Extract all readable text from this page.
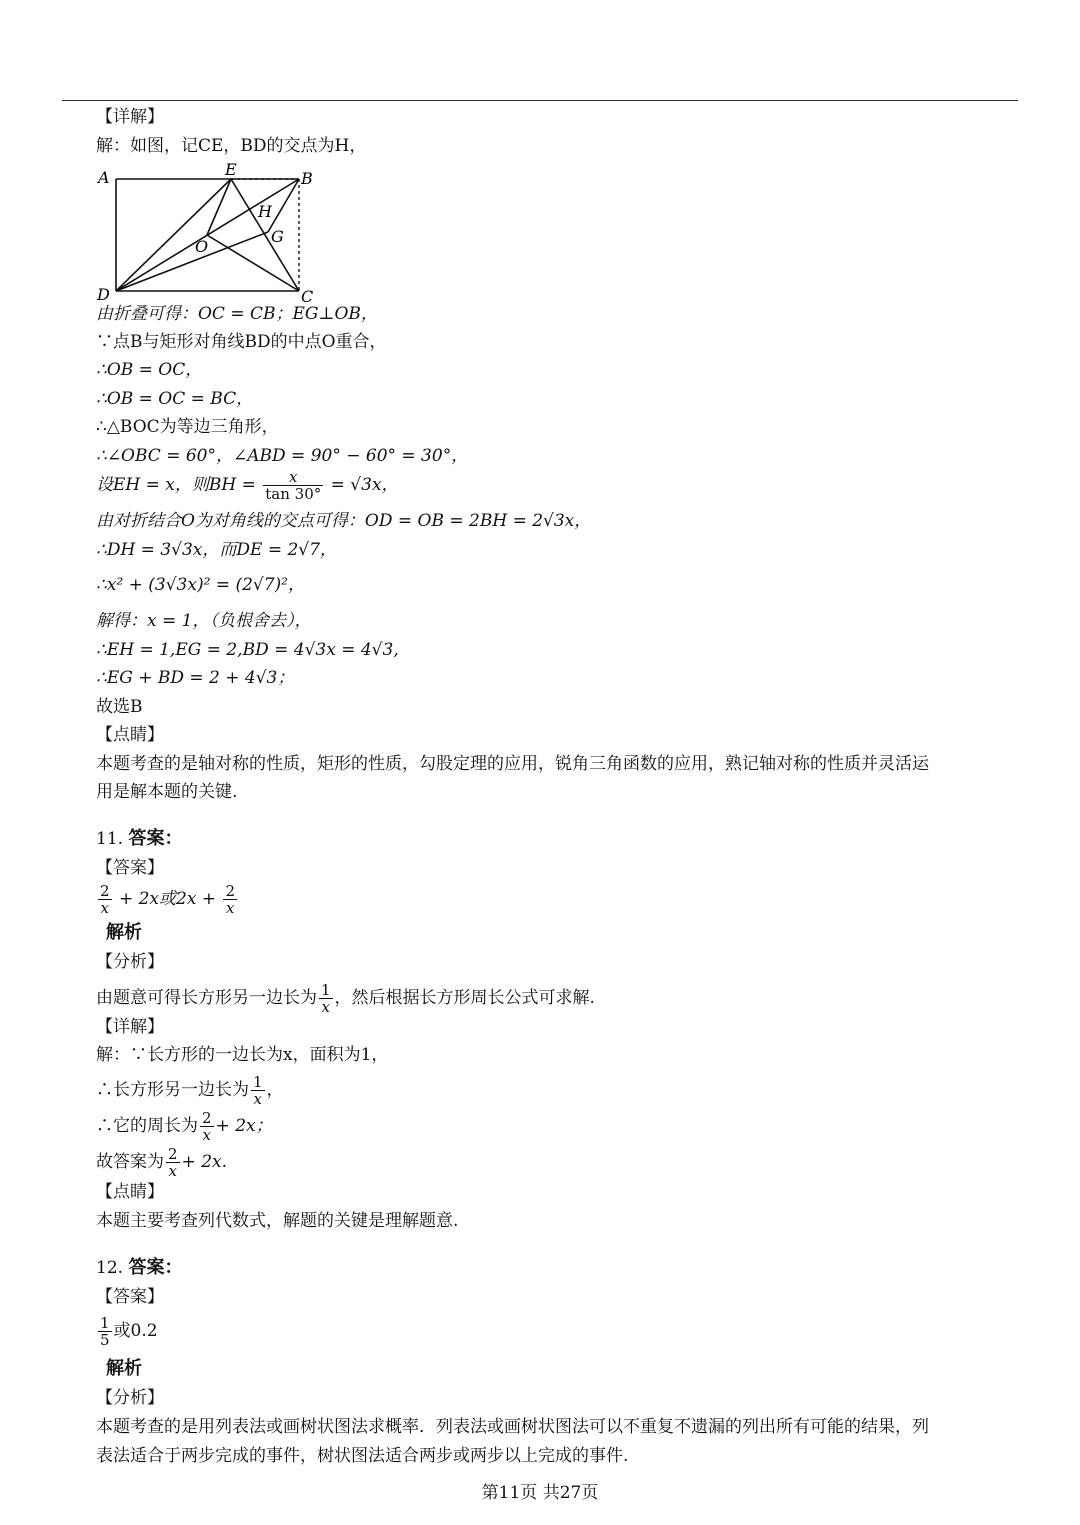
【详解】
解：如图，记CE，BD的交点为H，
A	B
C
D
E
H
G
O
由折叠可得：OC = CB；EG⊥OB，
∵点B与矩形对角线BD的中点O重合，
∴OB = OC，
∴OB = OC = BC，
∴△BOC为等边三角形，
∴∠OBC = 60°，∠ABD = 90° − 60° = 30°，
设EH = x，则BH = $\frac{x}{\tan 30^\circ} = √3x$，
由对折结合O为对角线的交点可得：OD = OB = 2BH = 2√3x，
∴DH = 3√3x，而DE = 2√7，
∴x² + (3√3x)² = (2√7)²，
解得：x = 1，（负根舍去），
∴EH = 1,EG = 2,BD = 4√3x = 4√3,
∴EG + BD = 2 + 4√3；
故选B
【点睛】
本题考查的是轴对称的性质，矩形的性质，勾股定理的应用，锐角三角函数的应用，熟记轴对称的性质并灵活运
用是解本题的关键.
11. 答案：
【答案】
$\frac{2}{x} + 2x$或$2x + \frac{2}{x}$
解析
【分析】
由题意可得长方形另一边长为 $\frac{1}{x}$ ，然后根据长方形周长公式可求解.
【详解】
解：∵长方形的一边长为x，面积为1，
∴长方形另一边长为 $\frac{1}{x}$ ，
∴它的周长为 $\frac{2}{x} + 2x$；
故答案为 $\frac{2}{x} + 2x$.
【点睛】
本题主要考查列代数式，解题的关键是理解题意.
12. 答案：
【答案】
$\frac{1}{5}$ 或0.2
解析
【分析】
本题考查的是用列表法或画树状图法求概率．列表法或画树状图法可以不重复不遗漏的列出所有可能的结果，列
表法适合于两步完成的事件，树状图法适合两步或两步以上完成的事件.
第11页 共27页
